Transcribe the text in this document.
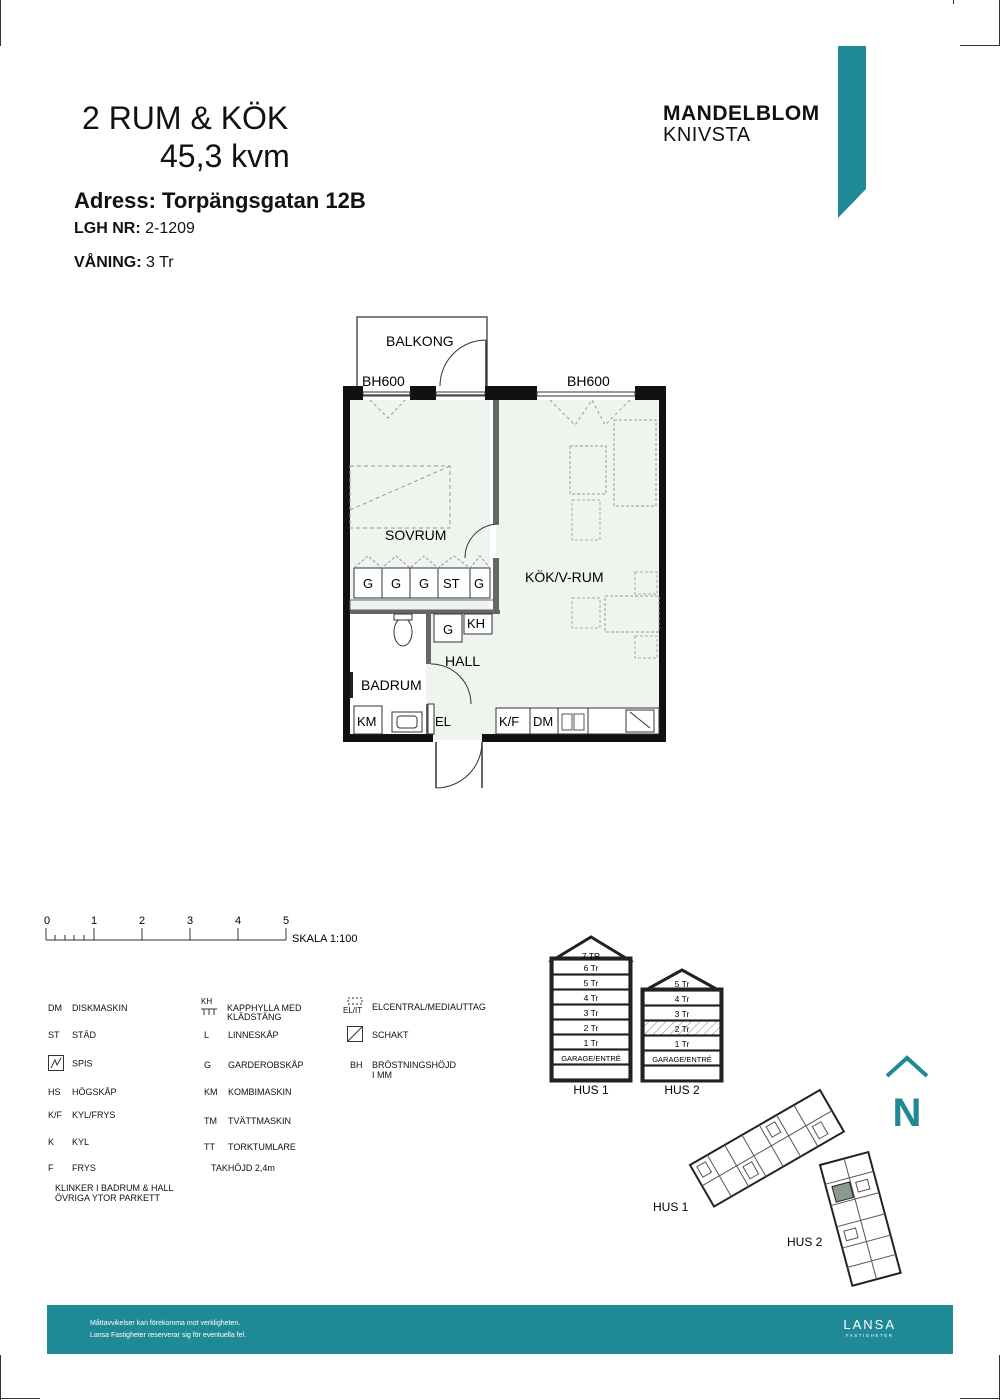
2 RUM & KÖK
45,3 kvm
Adress: Torpängsgatan 12B
LGH NR: 2-1209
VÅNING: 3 Tr
MANDELBLOM
KNIVSTA
BALKONG
BH600	BH600
SOVRUM
KÖK/V-RUM
HALL
BADRUM
G G G ST G
G KH
KM	EL	K/F DM
0	1	2	3	4	5
SKALA 1:100
DM DISKMASKIN
ST STÄD
SPIS
HS HÖGSKÅP
K/F KYL/FRYS
K KYL
F FRYS
KLINKER I BADRUM & HALL
ÖVRIGA YTOR PARKETT
KH
KAPPHYLLA MED
KLÄDSTÄNG
L LINNESKÅP
G GARDEROBSKÅP
KM KOMBIMASKIN
TM TVÄTTMASKIN
TT TORKTUMLARE
TAKHÖJD 2,4m
EL/IT ELCENTRAL/MEDIAUTTAG
SCHAKT
BH BRÖSTNINGSHÖJD
I MM
7 TR
6 Tr
5 Tr
4 Tr
3 Tr
2 Tr
1 Tr
GARAGE/ENTRÉ
HUS 1
5 Tr
4 Tr
3 Tr
2 Tr
1 Tr
GARAGE/ENTRÉ
HUS 2
N
HUS 1
HUS 2
Måttavvikelser kan förekomma mot verkligheten.
Lansa Fastigheter reserverar sig för eventuella fel.
LANSA
FASTIGHETER
